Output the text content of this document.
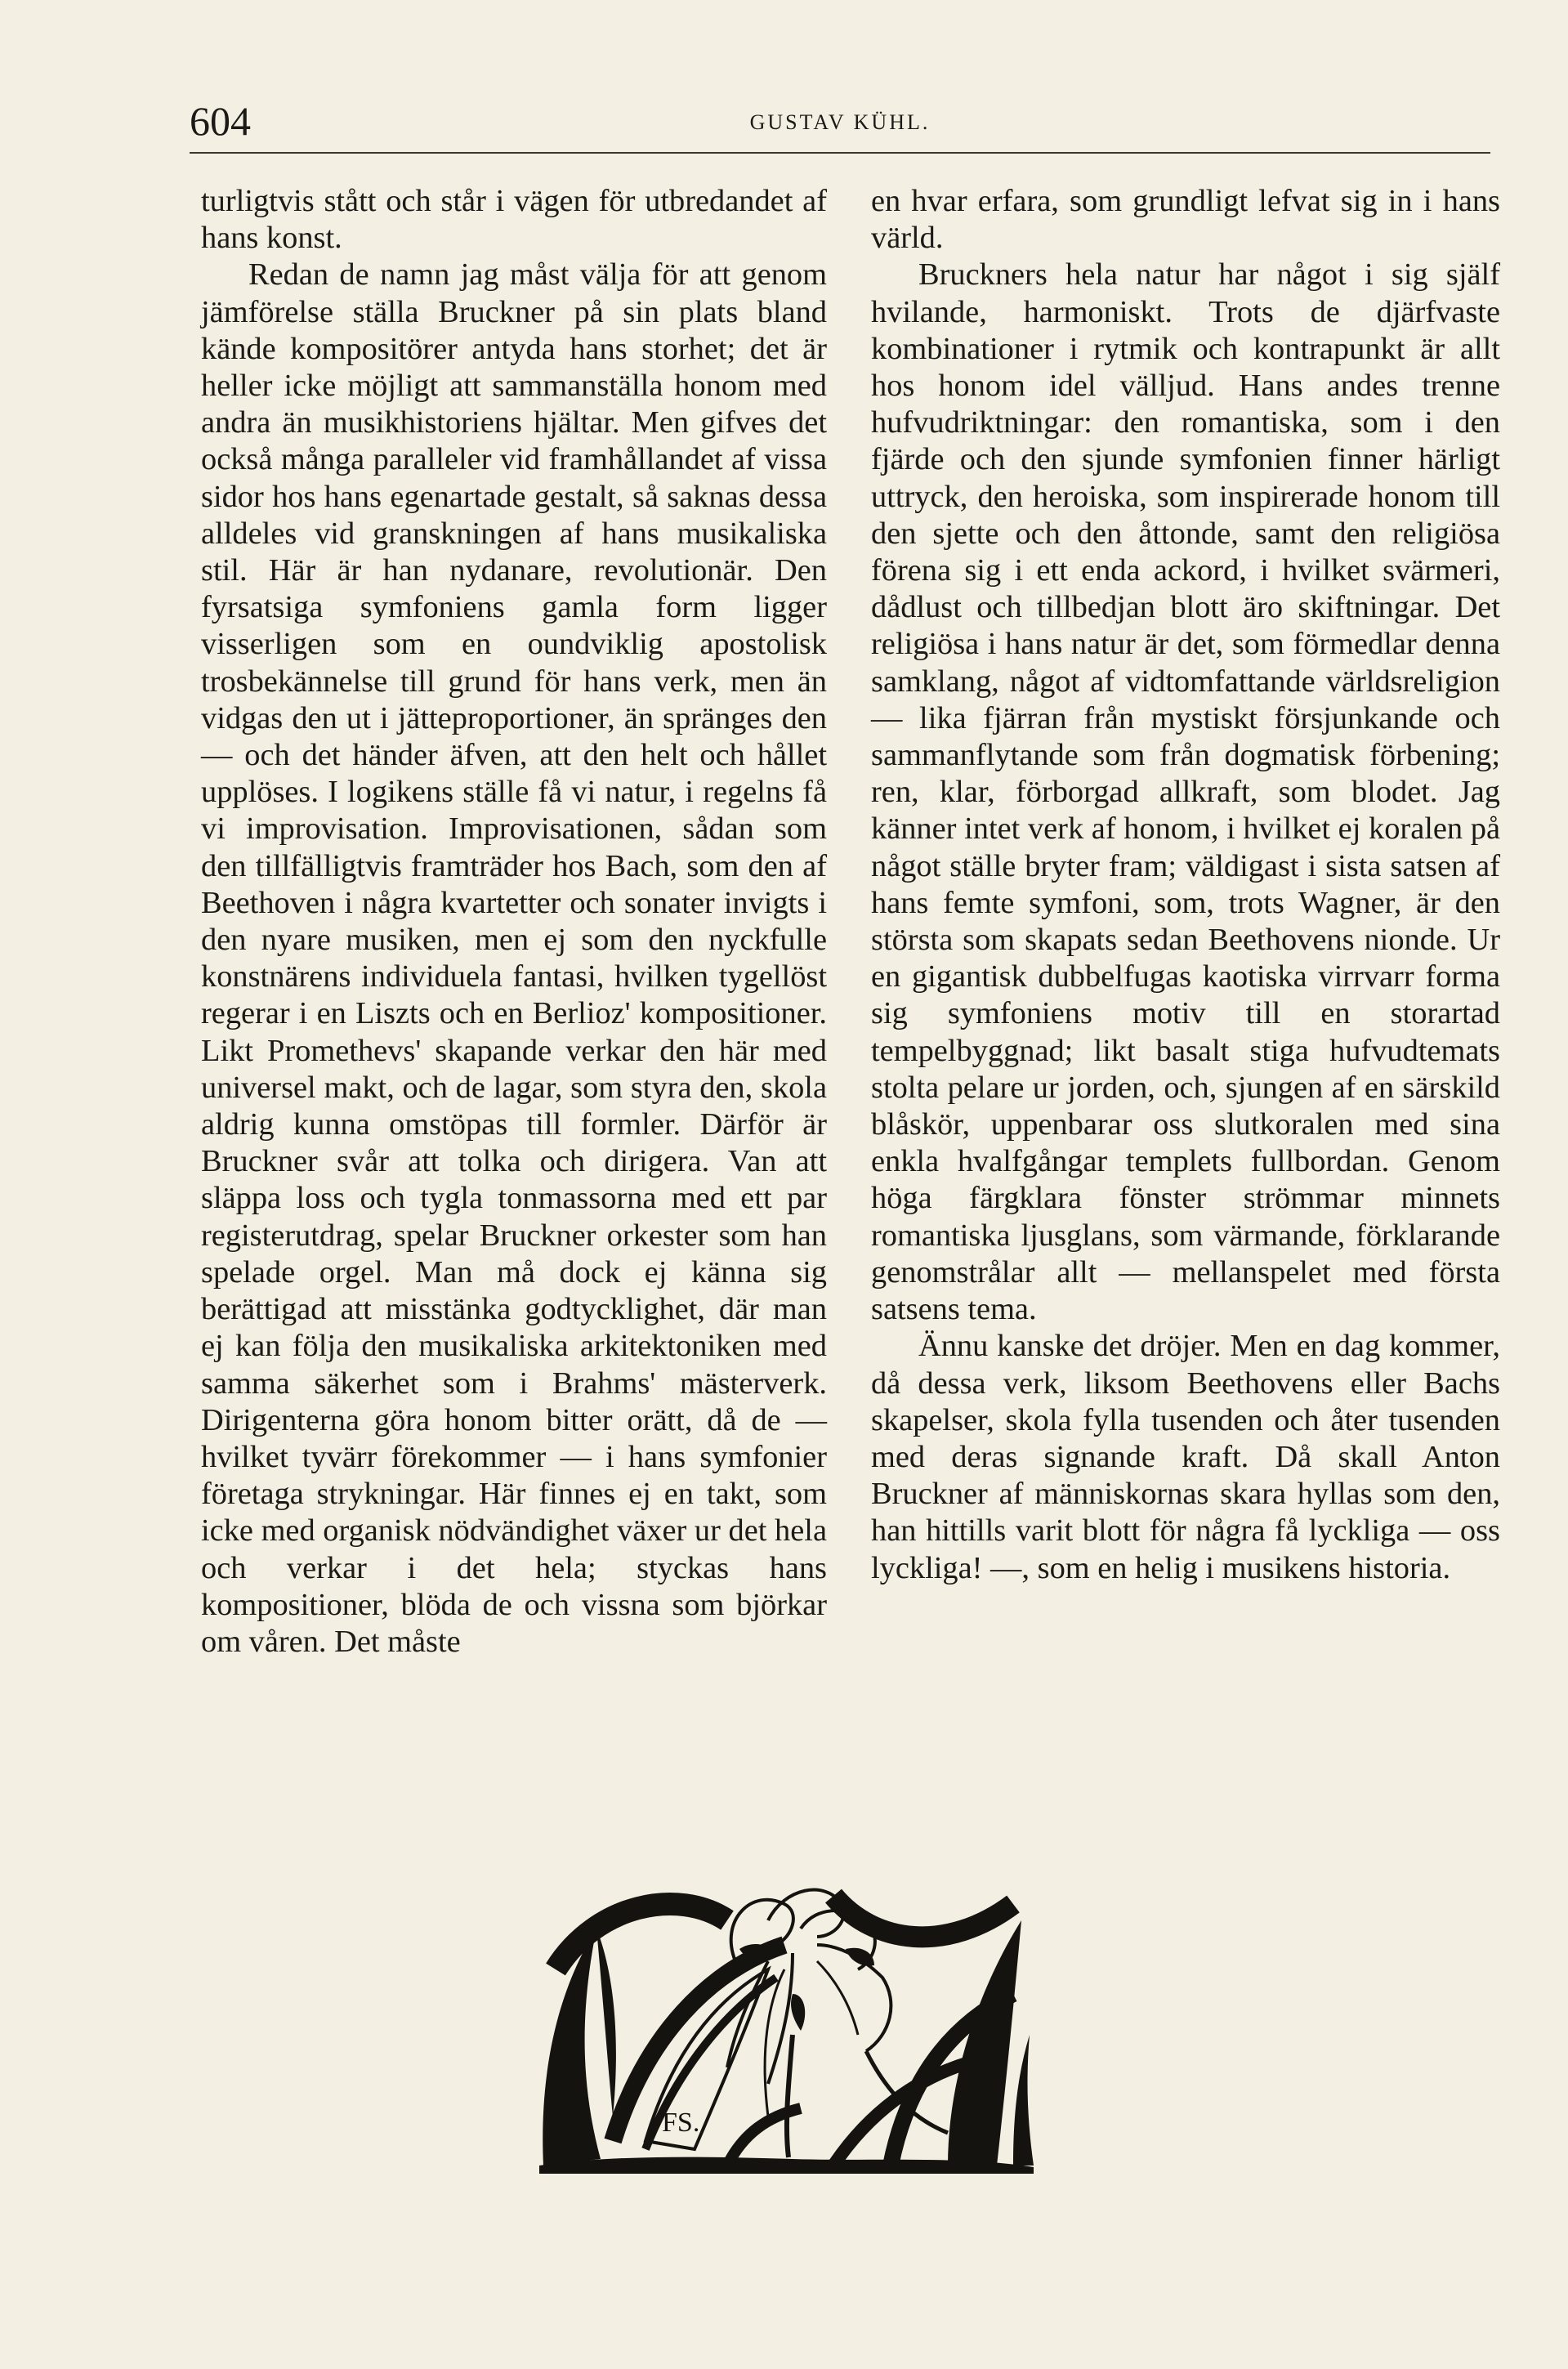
604	GUSTAV KÜHL.

turligtvis stått och står i vägen för utbredandet af hans konst.

Redan de namn jag måst välja för att genom jämförelse ställa Bruckner på sin plats bland kände kompositörer antyda hans storhet; det är heller icke möjligt att sammanställa honom med andra än musikhistoriens hjältar. Men gifves det också många paralleler vid framhållandet af vissa sidor hos hans egenartade gestalt, så saknas dessa alldeles vid granskningen af hans musikaliska stil. Här är han nydanare, revolutionär. Den fyrsatsiga symfoniens gamla form ligger visserligen som en oundviklig apostolisk trosbekännelse till grund för hans verk, men än vidgas den ut i jätteproportioner, än spränges den — och det händer äfven, att den helt och hållet upplöses. I logikens ställe få vi natur, i regelns få vi improvisation. Improvisationen, sådan som den tillfälligtvis framträder hos Bach, som den af Beethoven i några kvartetter och sonater invigts i den nyare musiken, men ej som den nyckfulle konstnärens individuela fantasi, hvilken tygellöst regerar i en Liszts och en Berlioz' kompositioner. Likt Promethevs' skapande verkar den här med universel makt, och de lagar, som styra den, skola aldrig kunna omstöpas till formler. Därför är Bruckner svår att tolka och dirigera. Van att släppa loss och tygla tonmassorna med ett par registerutdrag, spelar Bruckner orkester som han spelade orgel. Man må dock ej känna sig berättigad att misstänka godtycklighet, där man ej kan följa den musikaliska arkitektoniken med samma säkerhet som i Brahms' mästerverk. Dirigenterna göra honom bitter orätt, då de — hvilket tyvärr förekommer — i hans symfonier företaga strykningar. Här finnes ej en takt, som icke med organisk nödvändighet växer ur det hela och verkar i det hela; styckas hans kompositioner, blöda de och vissna som björkar om våren. Det måste

en hvar erfara, som grundligt lefvat sig in i hans värld.

Bruckners hela natur har något i sig själf hvilande, harmoniskt. Trots de djärfvaste kombinationer i rytmik och kontrapunkt är allt hos honom idel välljud. Hans andes trenne hufvudriktningar: den romantiska, som i den fjärde och den sjunde symfonien finner härligt uttryck, den heroiska, som inspirerade honom till den sjette och den åttonde, samt den religiösa förena sig i ett enda ackord, i hvilket svärmeri, dådlust och tillbedjan blott äro skiftningar. Det religiösa i hans natur är det, som förmedlar denna samklang, något af vidtomfattande världsreligion — lika fjärran från mystiskt försjunkande och sammanflytande som från dogmatisk förbening; ren, klar, förborgad allkraft, som blodet. Jag känner intet verk af honom, i hvilket ej koralen på något ställe bryter fram; väldigast i sista satsen af hans femte symfoni, som, trots Wagner, är den största som skapats sedan Beethovens nionde. Ur en gigantisk dubbelfugas kaotiska virrvarr forma sig symfoniens motiv till en storartad tempelbyggnad; likt basalt stiga hufvudtemats stolta pelare ur jorden, och, sjungen af en särskild blåskör, uppenbarar oss slutkoralen med sina enkla hvalfgångar templets fullbordan. Genom höga färgklara fönster strömmar minnets romantiska ljusglans, som värmande, förklarande genomstrålar allt — mellanspelet med första satsens tema.

Ännu kanske det dröjer. Men en dag kommer, då dessa verk, liksom Beethovens eller Bachs skapelser, skola fylla tusenden och åter tusenden med deras signande kraft. Då skall Anton Bruckner af människornas skara hyllas som den, han hittills varit blott för några få lyckliga — oss lyckliga! —, som en helig i musikens historia.

FS.
